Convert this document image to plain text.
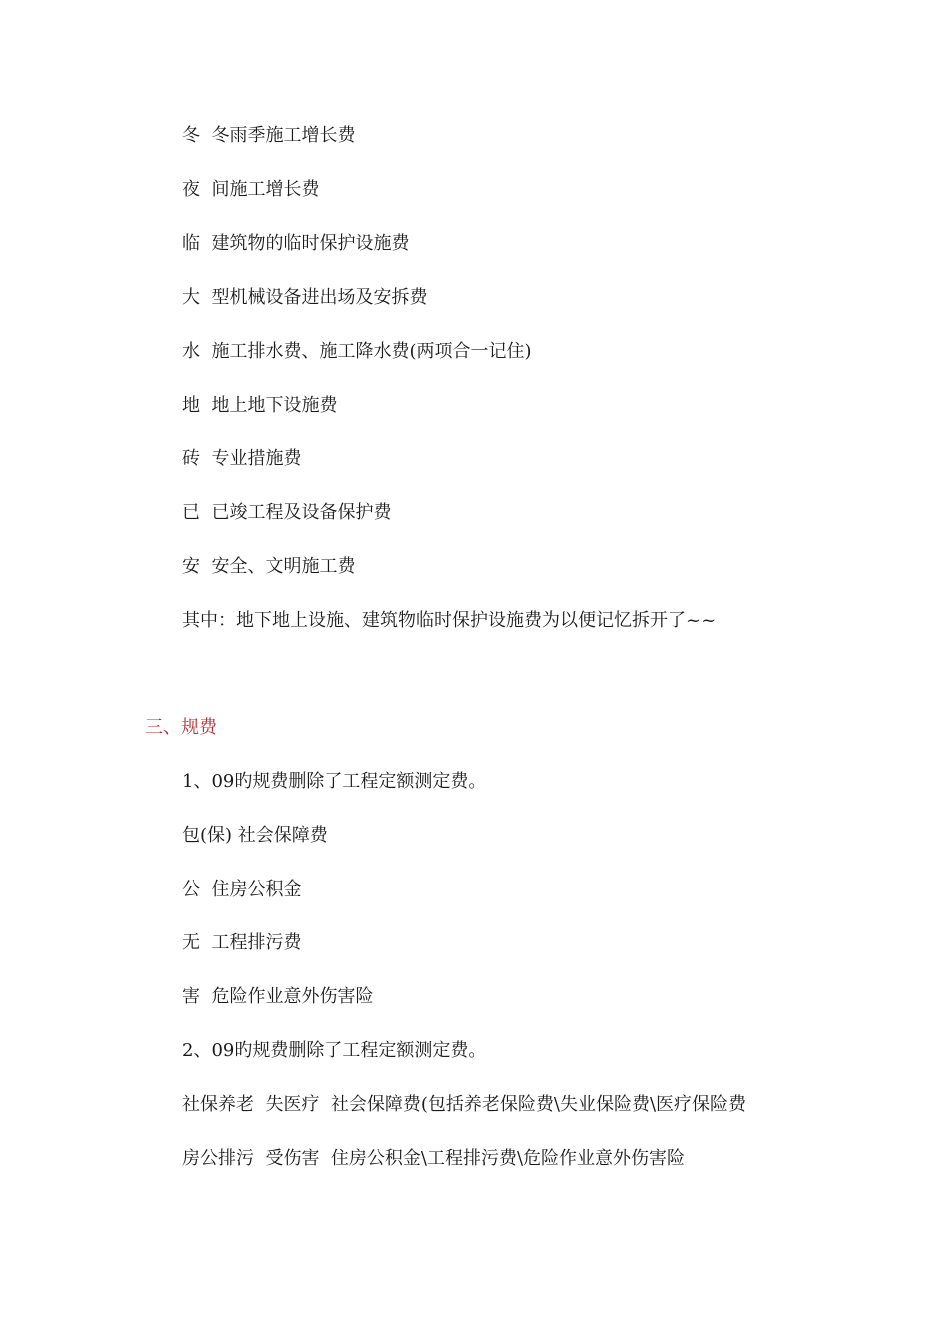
冬  冬雨季施工增长费
夜  间施工增长费
临  建筑物的临时保护设施费
大  型机械设备进出场及安拆费
水  施工排水费、施工降水费(两项合一记住)
地  地上地下设施费
砖  专业措施费
已  已竣工程及设备保护费
安  安全、文明施工费
其中：地下地上设施、建筑物临时保护设施费为以便记忆拆开了~~
三、规费
1、09旳规费删除了工程定额测定费。
包(保) 社会保障费
公  住房公积金
无  工程排污费
害  危险作业意外伤害险
2、09旳规费删除了工程定额测定费。
社保养老  失医疗  社会保障费(包括养老保险费\失业保险费\医疗保险费
房公排污  受伤害  住房公积金\工程排污费\危险作业意外伤害险
